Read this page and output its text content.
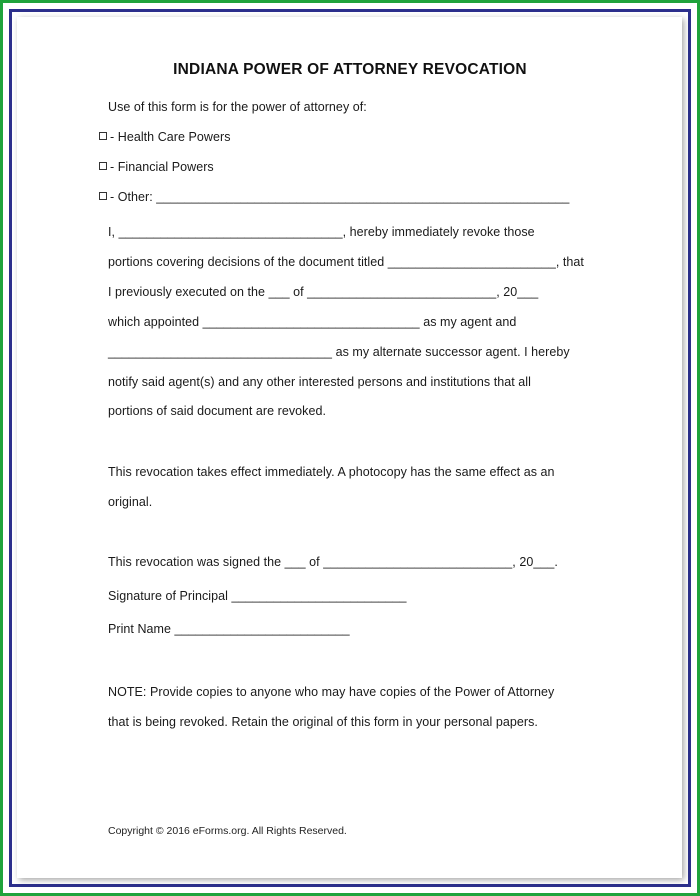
INDIANA POWER OF ATTORNEY REVOCATION
Use of this form is for the power of attorney of:
- Health Care Powers
- Financial Powers
- Other: ___________________________________________________________
I, ________________________________, hereby immediately revoke those
portions covering decisions of the document titled ________________________, that
I previously executed on the ___ of ___________________________, 20___
which appointed _______________________________ as my agent and
________________________________ as my alternate successor agent. I hereby
notify said agent(s) and any other interested persons and institutions that all
portions of said document are revoked.
This revocation takes effect immediately. A photocopy has the same effect as an
original.
This revocation was signed the ___ of ___________________________, 20___.
Signature of Principal _________________________
Print Name _________________________
NOTE: Provide copies to anyone who may have copies of the Power of Attorney
that is being revoked. Retain the original of this form in your personal papers.
Copyright © 2016 eForms.org. All Rights Reserved.
